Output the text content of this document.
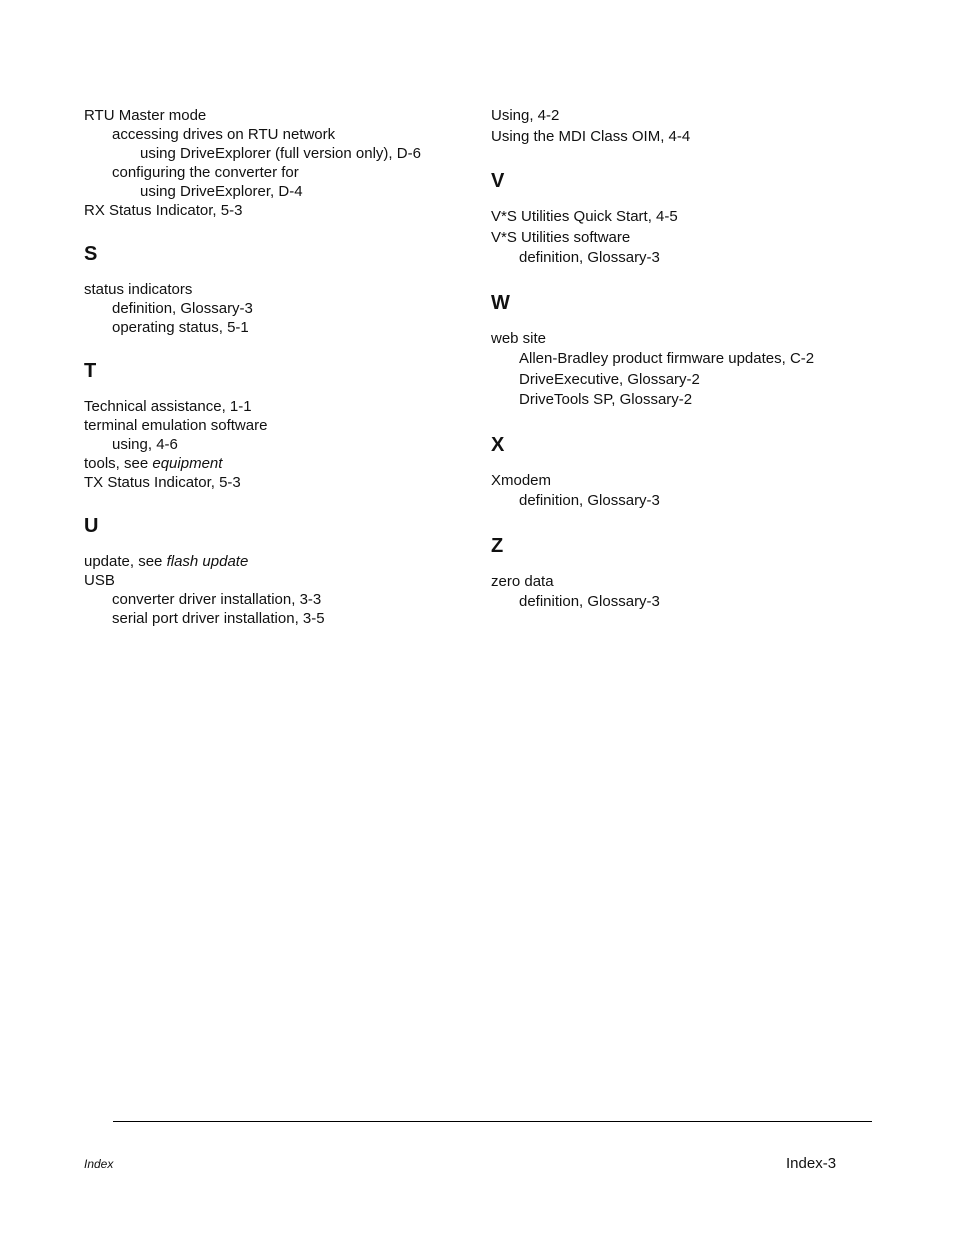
RTU Master mode
accessing drives on RTU network
using DriveExplorer (full version only), D-6
configuring the converter for
using DriveExplorer, D-4
RX Status Indicator, 5-3
S
status indicators
definition, Glossary-3
operating status, 5-1
T
Technical assistance, 1-1
terminal emulation software
using, 4-6
tools, see equipment
TX Status Indicator, 5-3
U
update, see flash update
USB
converter driver installation, 3-3
serial port driver installation, 3-5
Using, 4-2
Using the MDI Class OIM, 4-4
V
V*S Utilities Quick Start, 4-5
V*S Utilities software
definition, Glossary-3
W
web site
Allen-Bradley product firmware updates, C-2
DriveExecutive, Glossary-2
DriveTools SP, Glossary-2
X
Xmodem
definition, Glossary-3
Z
zero data
definition, Glossary-3
Index	Index-3
